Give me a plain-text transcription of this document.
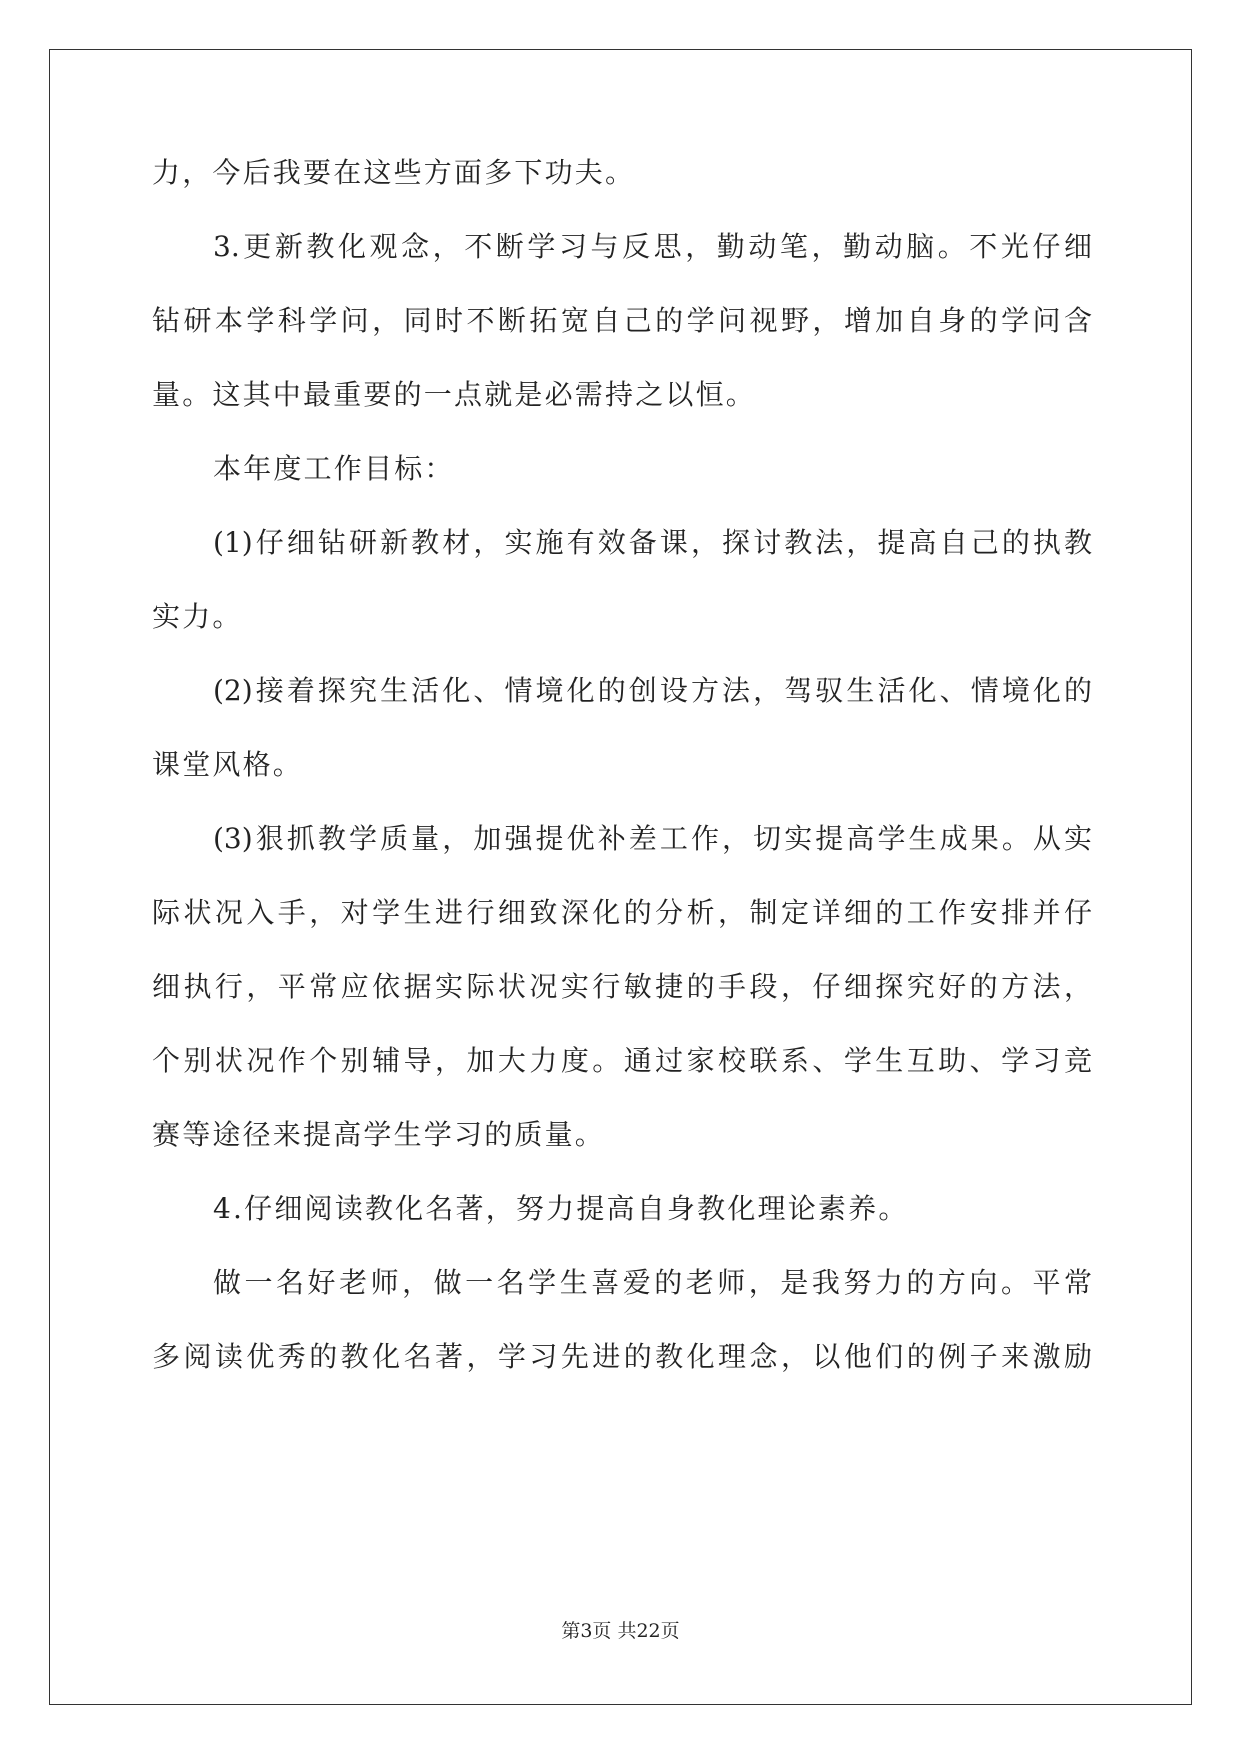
力，今后我要在这些方面多下功夫。
3.更新教化观念，不断学习与反思，勤动笔，勤动脑。不光仔细
钻研本学科学问，同时不断拓宽自己的学问视野，增加自身的学问含
量。这其中最重要的一点就是必需持之以恒。
本年度工作目标：
(1)仔细钻研新教材，实施有效备课，探讨教法，提高自己的执教
实力。
(2)接着探究生活化、情境化的创设方法，驾驭生活化、情境化的
课堂风格。
(3)狠抓教学质量，加强提优补差工作，切实提高学生成果。从实
际状况入手，对学生进行细致深化的分析，制定详细的工作安排并仔
细执行，平常应依据实际状况实行敏捷的手段，仔细探究好的方法，
个别状况作个别辅导，加大力度。通过家校联系、学生互助、学习竞
赛等途径来提高学生学习的质量。
4.仔细阅读教化名著，努力提高自身教化理论素养。
做一名好老师，做一名学生喜爱的老师，是我努力的方向。平常
多阅读优秀的教化名著，学习先进的教化理念，以他们的例子来激励
第3页 共22页
